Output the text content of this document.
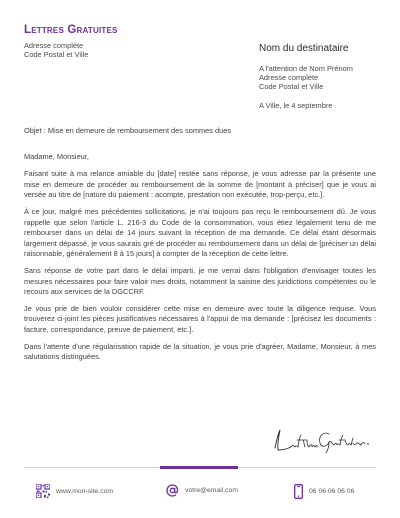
Lettres Gratuites
Adresse complète
Code Postal et Ville
Nom du destinataire
A l'attention de Nom Prénom
Adresse complète
Code Postal et Ville
A Ville, le 4 septembre
Objet : Mise en demeure de remboursement des sommes dues
Madame, Monsieur,

Faisant suite à ma relance amiable du [date] restée sans réponse, je vous adresse par la présente une mise en demeure de procéder au remboursement de la somme de [montant à préciser] que je vous ai versée au titre de [nature du paiement : acompte, prestation non exécutée, trop-perçu, etc.].

À ce jour, malgré mes précédentes sollicitations, je n'ai toujours pas reçu le remboursement dû. Je vous rappelle que selon l'article L. 216-3 du Code de la consommation, vous étiez légalement tenu de me rembourser dans un délai de 14 jours suivant la réception de ma demande. Ce délai étant désormais largement dépassé, je vous saurais gré de procéder au remboursement dans un délai de [préciser un délai raisonnable, généralement 8 à 15 jours] à compter de la réception de cette lettre.

Sans réponse de votre part dans le délai imparti, je me verrai dans l'obligation d'envisager toutes les mesures nécessaires pour faire valoir mes droits, notamment la saisine des juridictions compétentes ou le recours aux services de la DGCCRF.

Je vous prie de bien vouloir considérer cette mise en demeure avec toute la diligence requise. Vous trouverez ci-joint les pièces justificatives nécessaires à l'appui de ma demande : [précisez les documents : facture, correspondance, preuve de paiement, etc.].

Dans l'attente d'une régularisation rapide de la situation, je vous prie d'agréer, Madame, Monsieur, à mes salutations distinguées.

www.mon-site.com	votre@email.com	06 06 06 06 06
